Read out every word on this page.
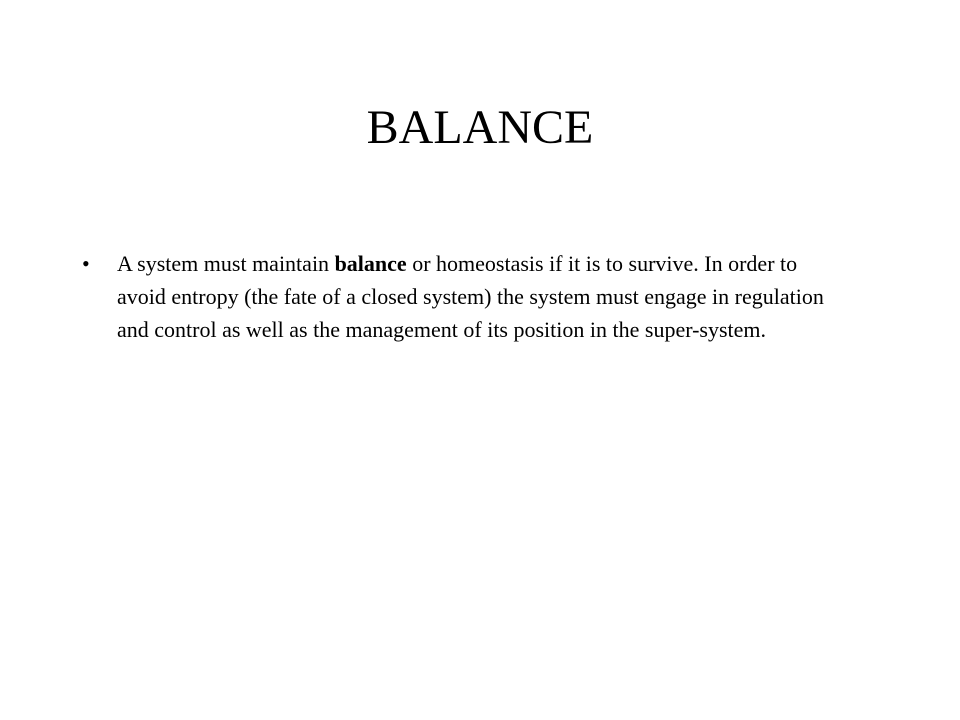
BALANCE
•	A system must maintain balance or homeostasis if it is to survive. In order to avoid entropy (the fate of a closed system) the system must engage in regulation and control as well as the management of its position in the super-system.
